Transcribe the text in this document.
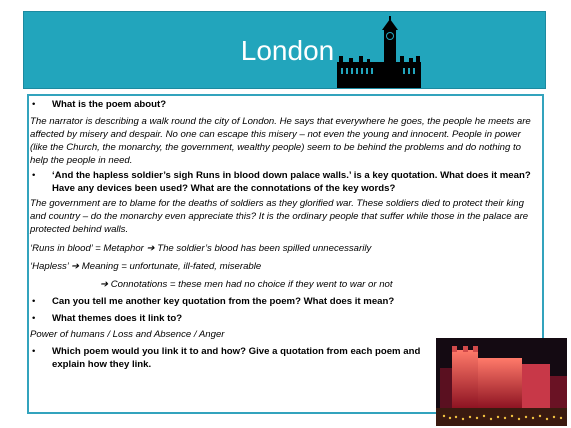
London

• What is the poem about?

The narrator is describing a walk round the city of London. He says that everywhere he goes, the people he meets are affected by misery and despair. No one can escape this misery – not even the young and innocent. People in power (like the Church, the monarchy, the government, wealthy people) seem to be behind the problems and do nothing to help the people in need.

• ‘And the hapless soldier’s sigh Runs in blood down palace walls.’ is a key quotation. What does it mean? Have any devices been used? What are the connotations of the key words?

The government are to blame for the deaths of soldiers as they glorified war. These soldiers died to protect their king and country – do the monarchy even appreciate this? It is the ordinary people that suffer while those in the palace are protected behind walls.

‘Runs in blood’ = Metaphor ➔ The soldier’s blood has been spilled unnecessarily

‘Hapless’ ➔ Meaning = unfortunate, ill-fated, miserable

➔ Connotations = these men had no choice if they went to war or not

• Can you tell me another key quotation from the poem? What does it mean?

• What themes does it link to?

Power of humans / Loss and Absence / Anger

• Which poem would you link it to and how? Give a quotation from each poem and explain how they link.
